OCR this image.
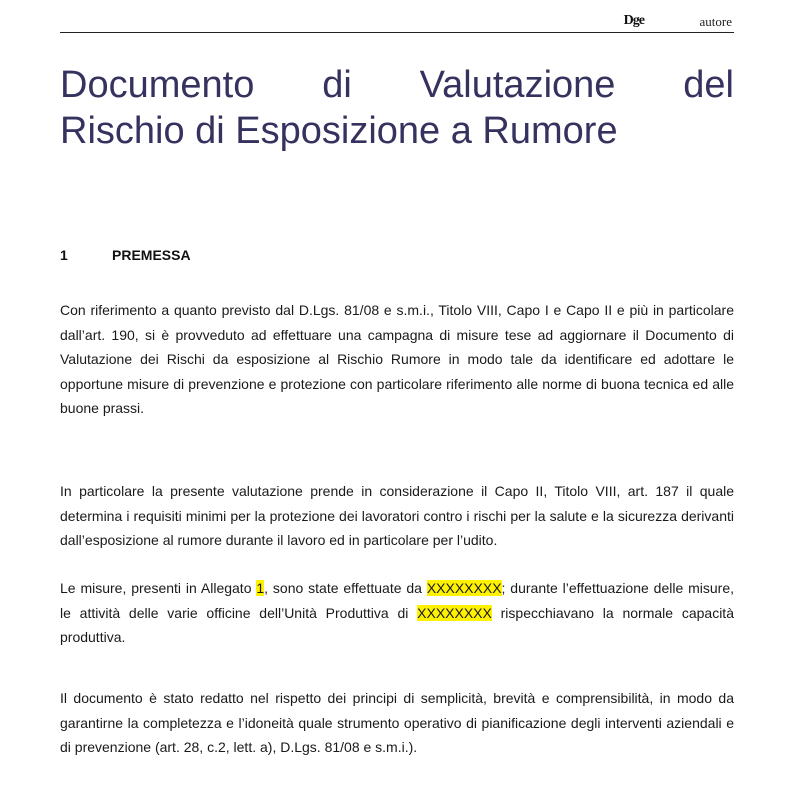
Dge	autore
Documento di Valutazione del
Rischio di Esposizione a Rumore
1	PREMESSA

Con riferimento a quanto previsto dal D.Lgs. 81/08 e s.m.i., Titolo VIII, Capo I e Capo II e più in particolare dall’art. 190, si è provveduto ad effettuare una campagna di misure tese ad aggiornare il Documento di Valutazione dei Rischi da esposizione al Rischio Rumore in modo tale da identificare ed adottare le opportune misure di prevenzione e protezione con particolare riferimento alle norme di buona tecnica ed alle buone prassi.

In particolare la presente valutazione prende in considerazione il Capo II, Titolo VIII, art. 187 il quale determina i requisiti minimi per la protezione dei lavoratori contro i rischi per la salute e la sicurezza derivanti dall’esposizione al rumore durante il lavoro ed in particolare per l’udito.

Le misure, presenti in Allegato 1, sono state effettuate da XXXXXXXX; durante l’effettuazione delle misure, le attività delle varie officine dell’Unità Produttiva di XXXXXXXX rispecchiavano la normale capacità produttiva.

Il documento è stato redatto nel rispetto dei principi di semplicità, brevità e comprensibilità, in modo da garantirne la completezza e l’idoneità quale strumento operativo di pianificazione degli interventi aziendali e di prevenzione (art. 28, c.2, lett. a), D.Lgs. 81/08 e s.m.i.).
